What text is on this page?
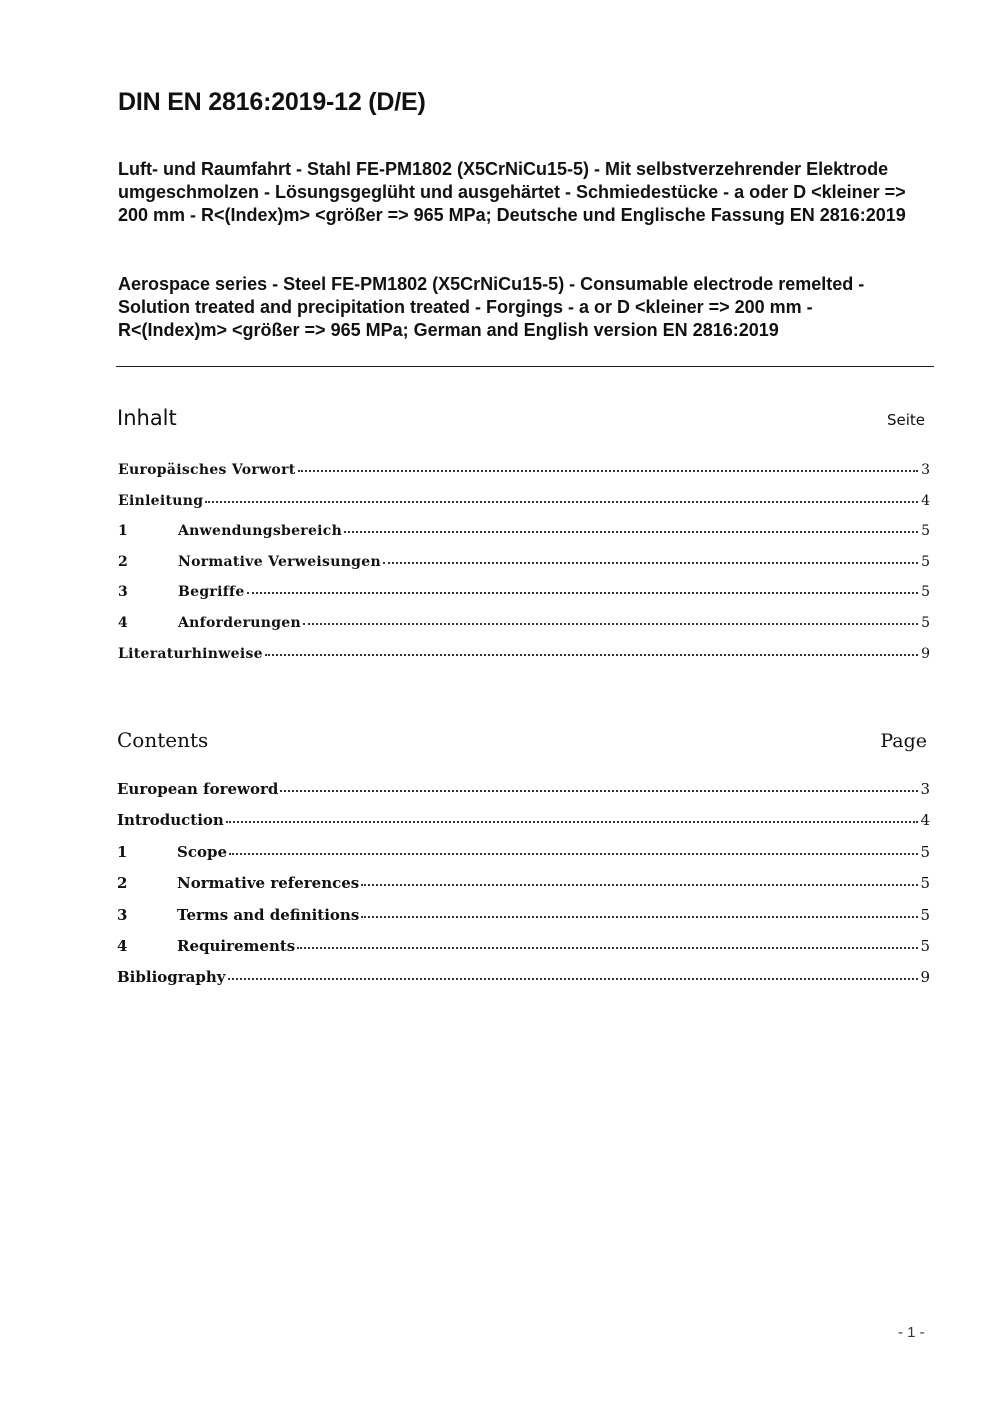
DIN EN 2816:2019-12 (D/E)
Luft- und Raumfahrt - Stahl FE-PM1802 (X5CrNiCu15-5) - Mit selbstverzehrender Elektrode umgeschmolzen - Lösungsgeglüht und ausgehärtet - Schmiedestücke - a oder D <kleiner => 200 mm - R<(Index)m> <größer => 965 MPa; Deutsche und Englische Fassung EN 2816:2019
Aerospace series - Steel FE-PM1802 (X5CrNiCu15-5) - Consumable electrode remelted - Solution treated and precipitation treated - Forgings - a or D <kleiner => 200 mm - R<(Index)m> <größer => 965 MPa; German and English version EN 2816:2019
Inhalt	Seite
Europäisches Vorwort	3
Einleitung	4
1	Anwendungsbereich	5
2	Normative Verweisungen	5
3	Begriffe	5
4	Anforderungen	5
Literaturhinweise	9
Contents	Page
European foreword	3
Introduction	4
1	Scope	5
2	Normative references	5
3	Terms and definitions	5
4	Requirements	5
Bibliography	9
- 1 -
